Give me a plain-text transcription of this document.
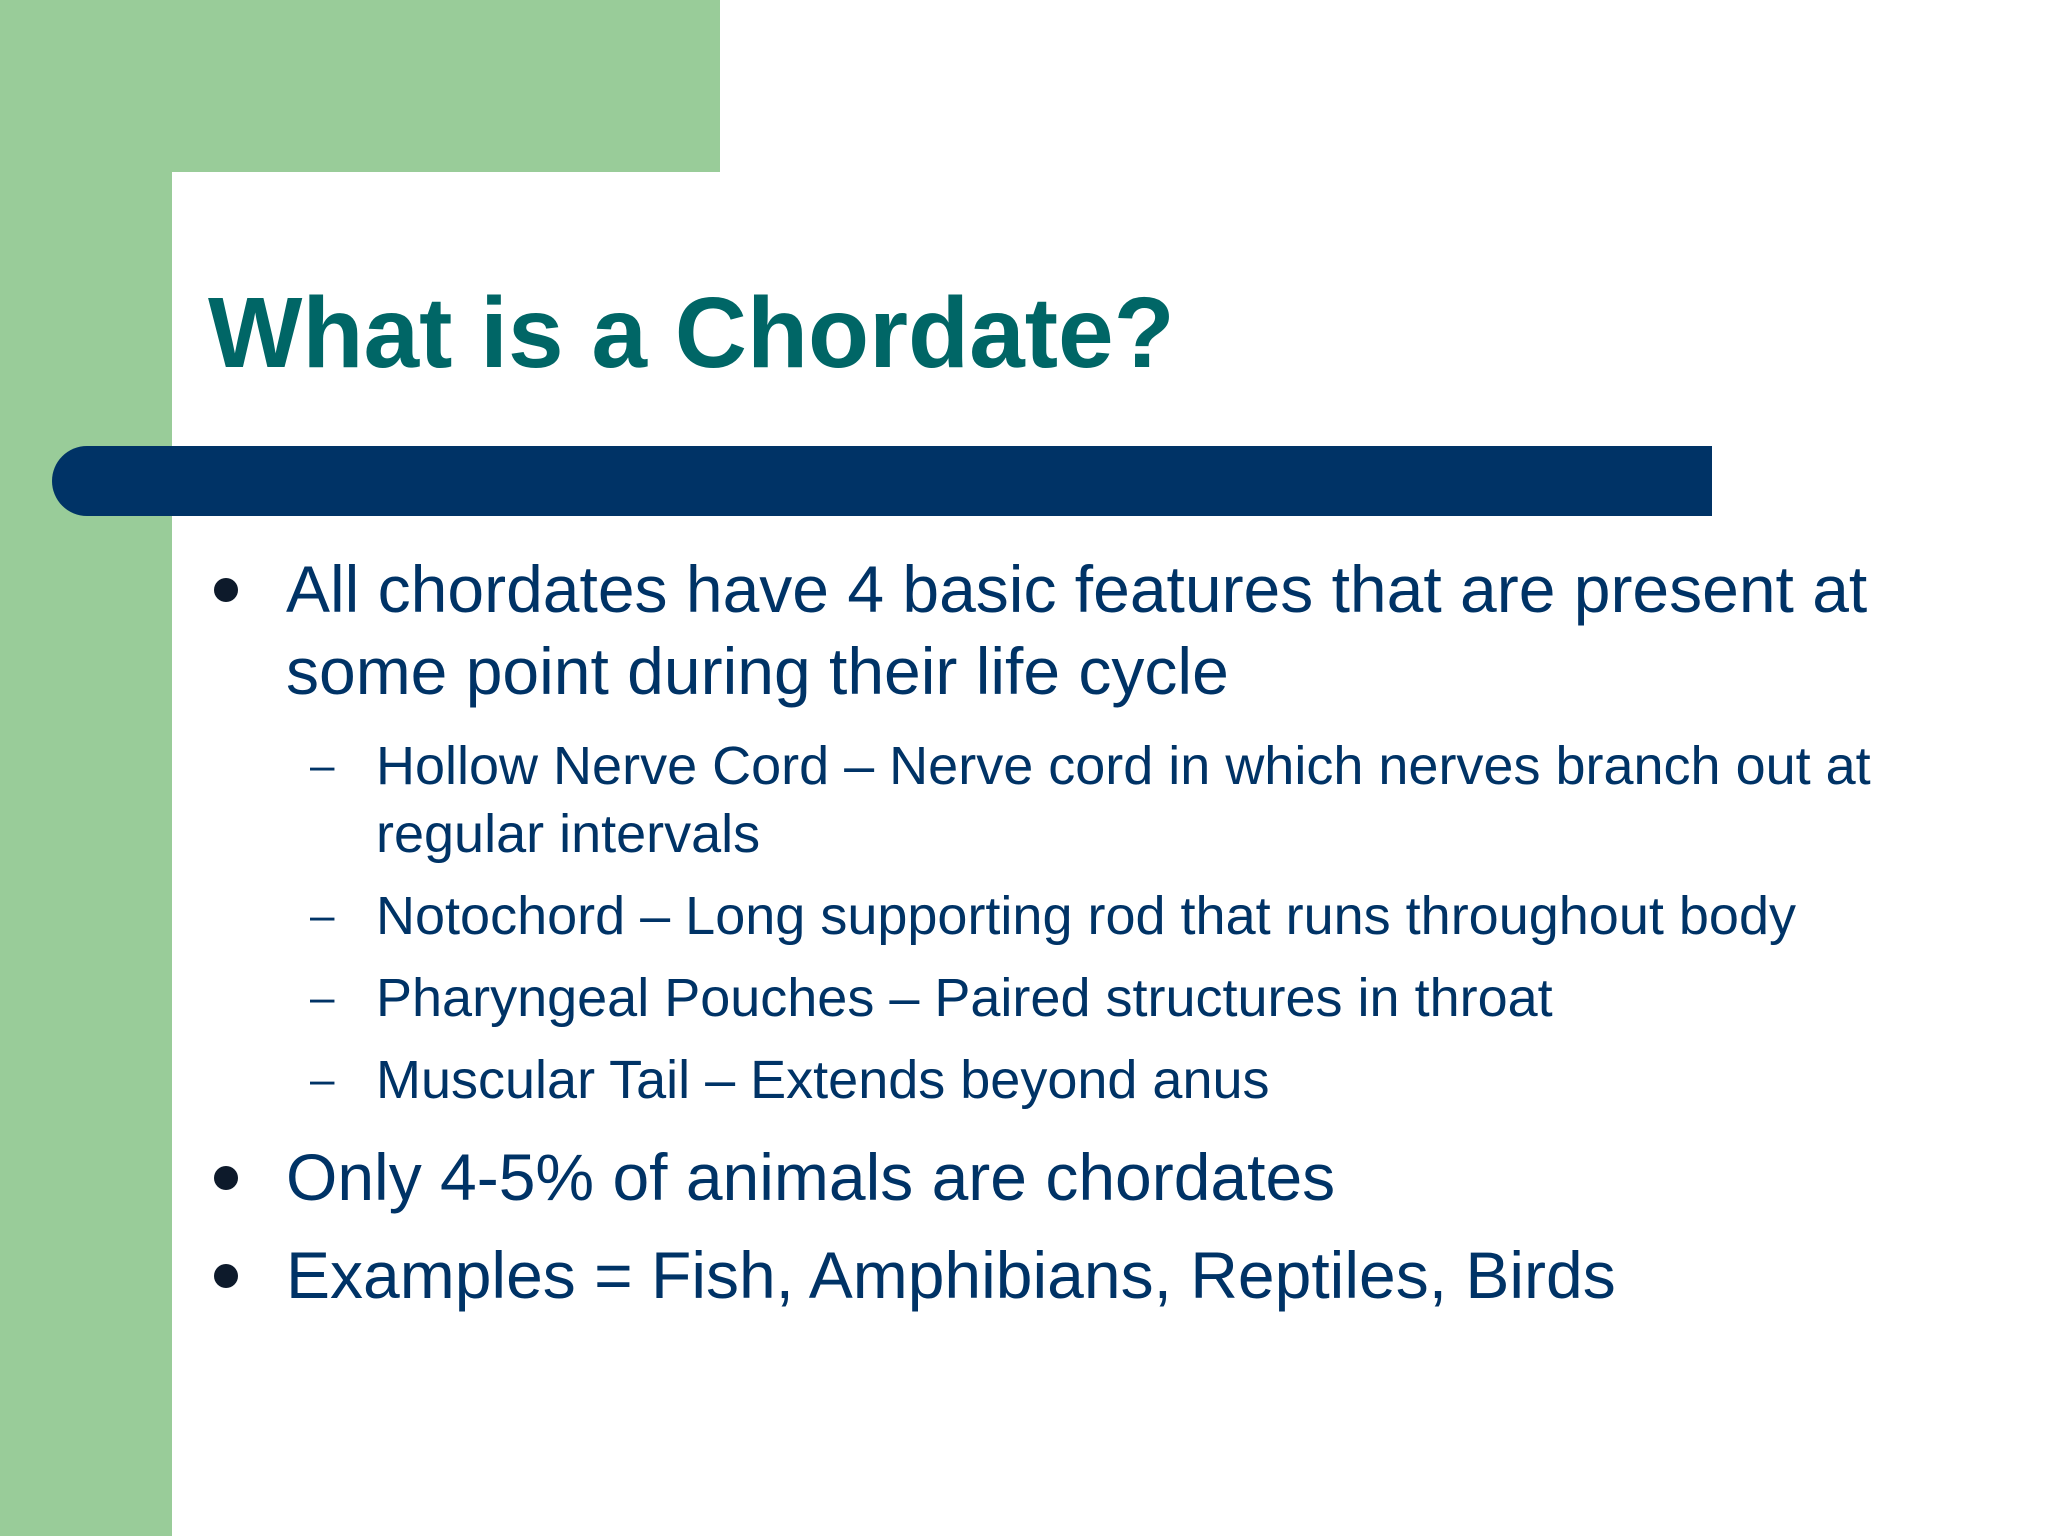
What is a Chordate?

All chordates have 4 basic features that are present at some point during their life cycle

– Hollow Nerve Cord – Nerve cord in which nerves branch out at regular intervals

– Notochord – Long supporting rod that runs throughout body

– Pharyngeal Pouches – Paired structures in throat

– Muscular Tail – Extends beyond anus

Only 4-5% of animals are chordates

Examples = Fish, Amphibians, Reptiles, Birds
